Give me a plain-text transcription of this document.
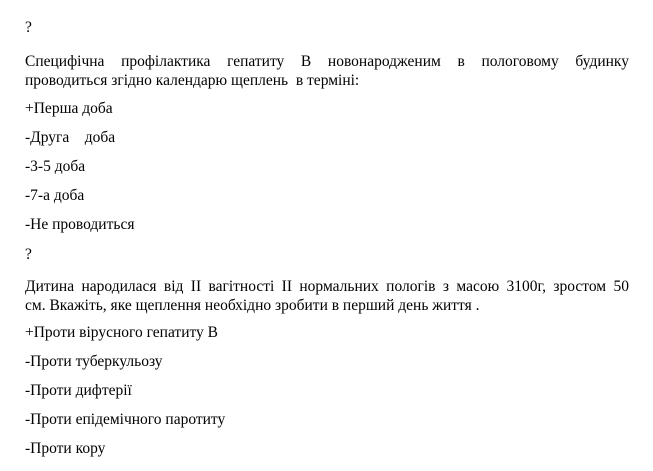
?
Специфічна профілактика гепатиту В новонародженим в пологовому будинку
проводиться згідно календарю щеплень  в терміні:
+Перша доба
-Друга    доба
-3-5 доба
-7-а доба
-Не проводиться
?
Дитина народилася від II вагітності II нормальних пологів з масою 3100г, зростом 50
см. Вкажіть, яке щеплення необхідно зробити в перший день життя .
+Проти вірусного гепатиту В
-Проти туберкульозу
-Проти дифтерії
-Проти епідемічного паротиту
-Проти кору
